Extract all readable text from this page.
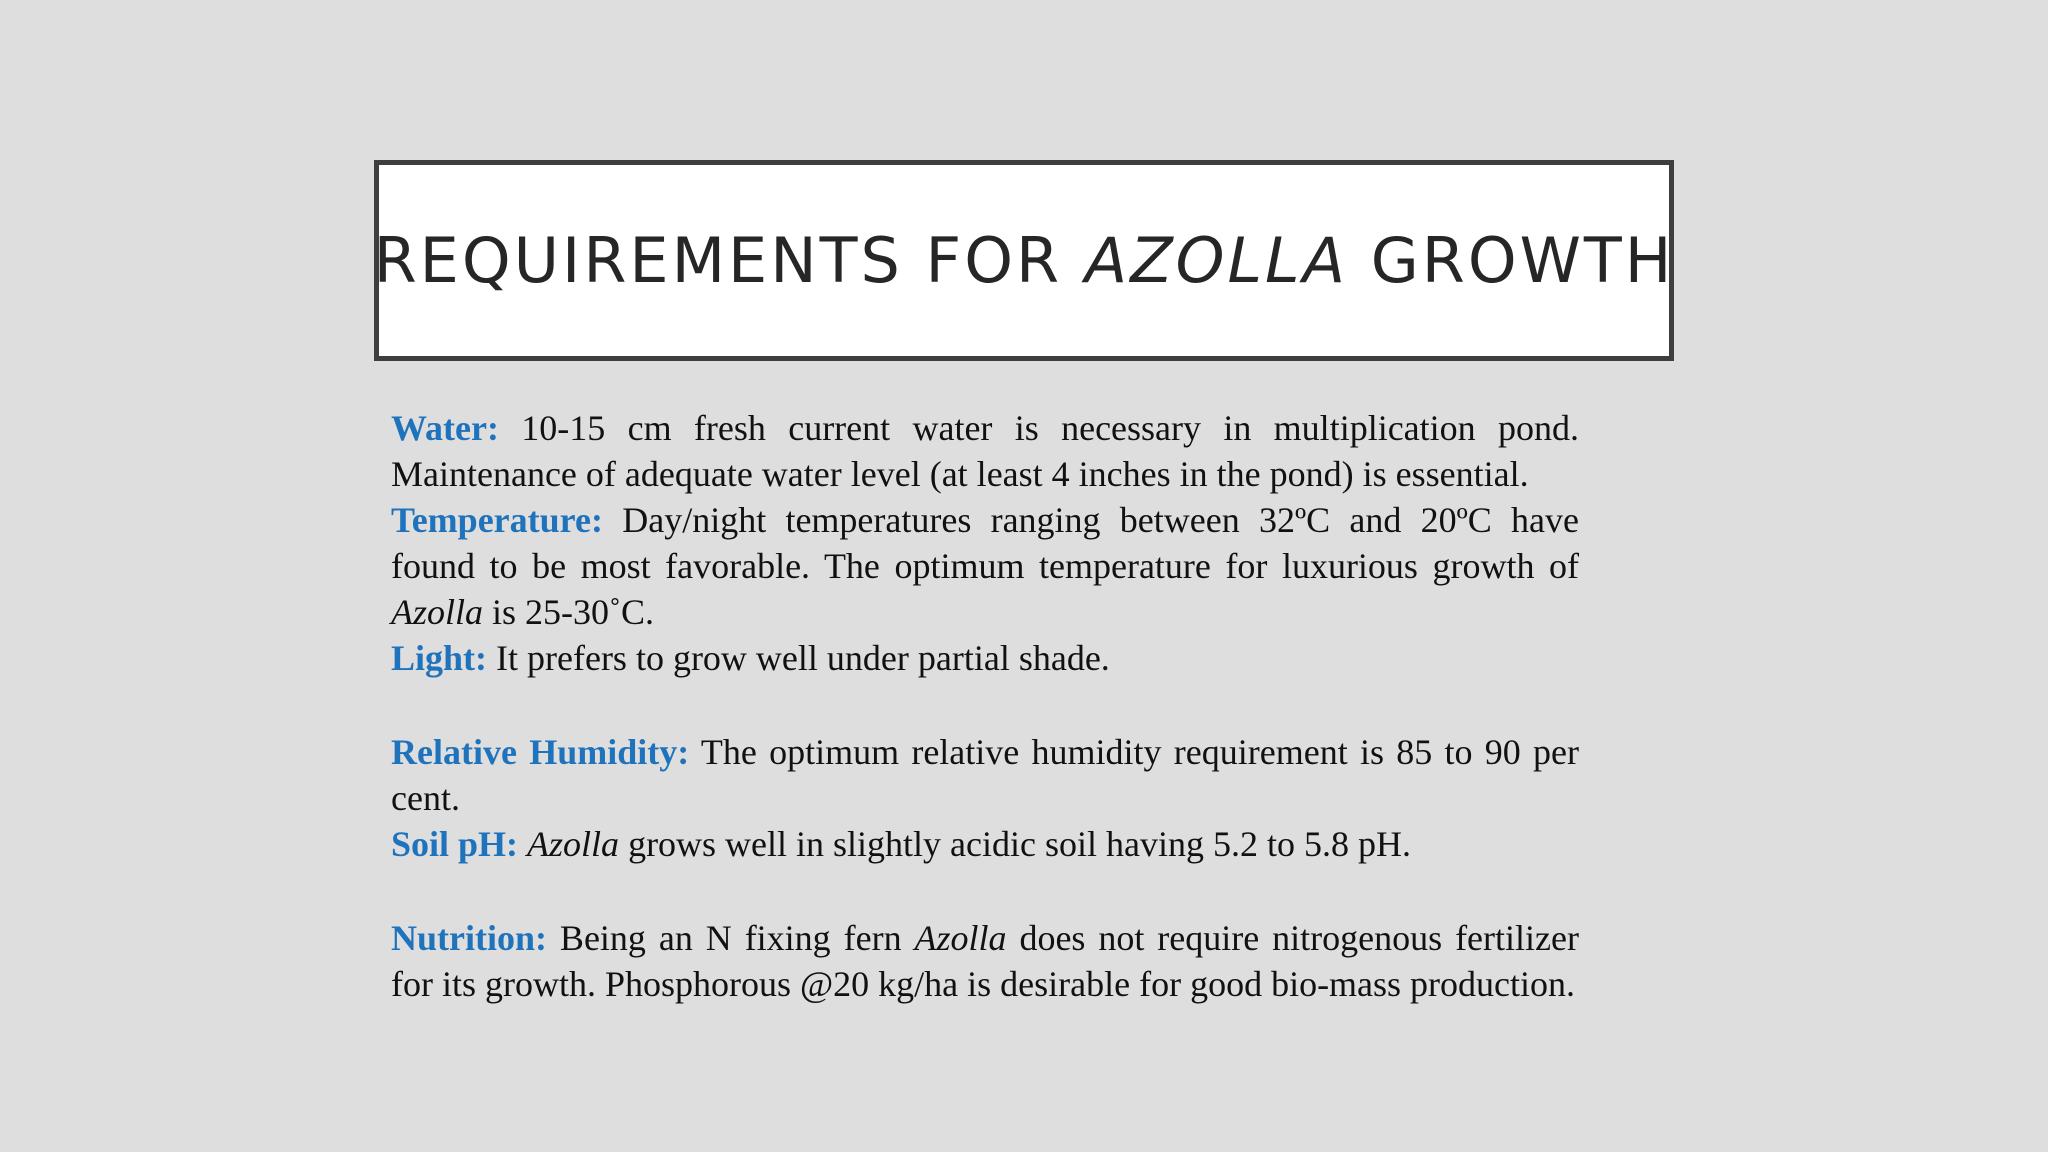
REQUIREMENTS FOR AZOLLA GROWTH

Water: 10-15 cm fresh current water is necessary in multiplication pond. Maintenance of adequate water level (at least 4 inches in the pond) is essential.

Temperature: Day/night temperatures ranging between 32ºC and 20ºC have found to be most favorable. The optimum temperature for luxurious growth of Azolla is 25-30˚C.

Light: It prefers to grow well under partial shade.

Relative Humidity: The optimum relative humidity requirement is 85 to 90 per cent.

Soil pH: Azolla grows well in slightly acidic soil having 5.2 to 5.8 pH.

Nutrition: Being an N fixing fern Azolla does not require nitrogenous fertilizer for its growth. Phosphorous @20 kg/ha is desirable for good bio-mass production.
